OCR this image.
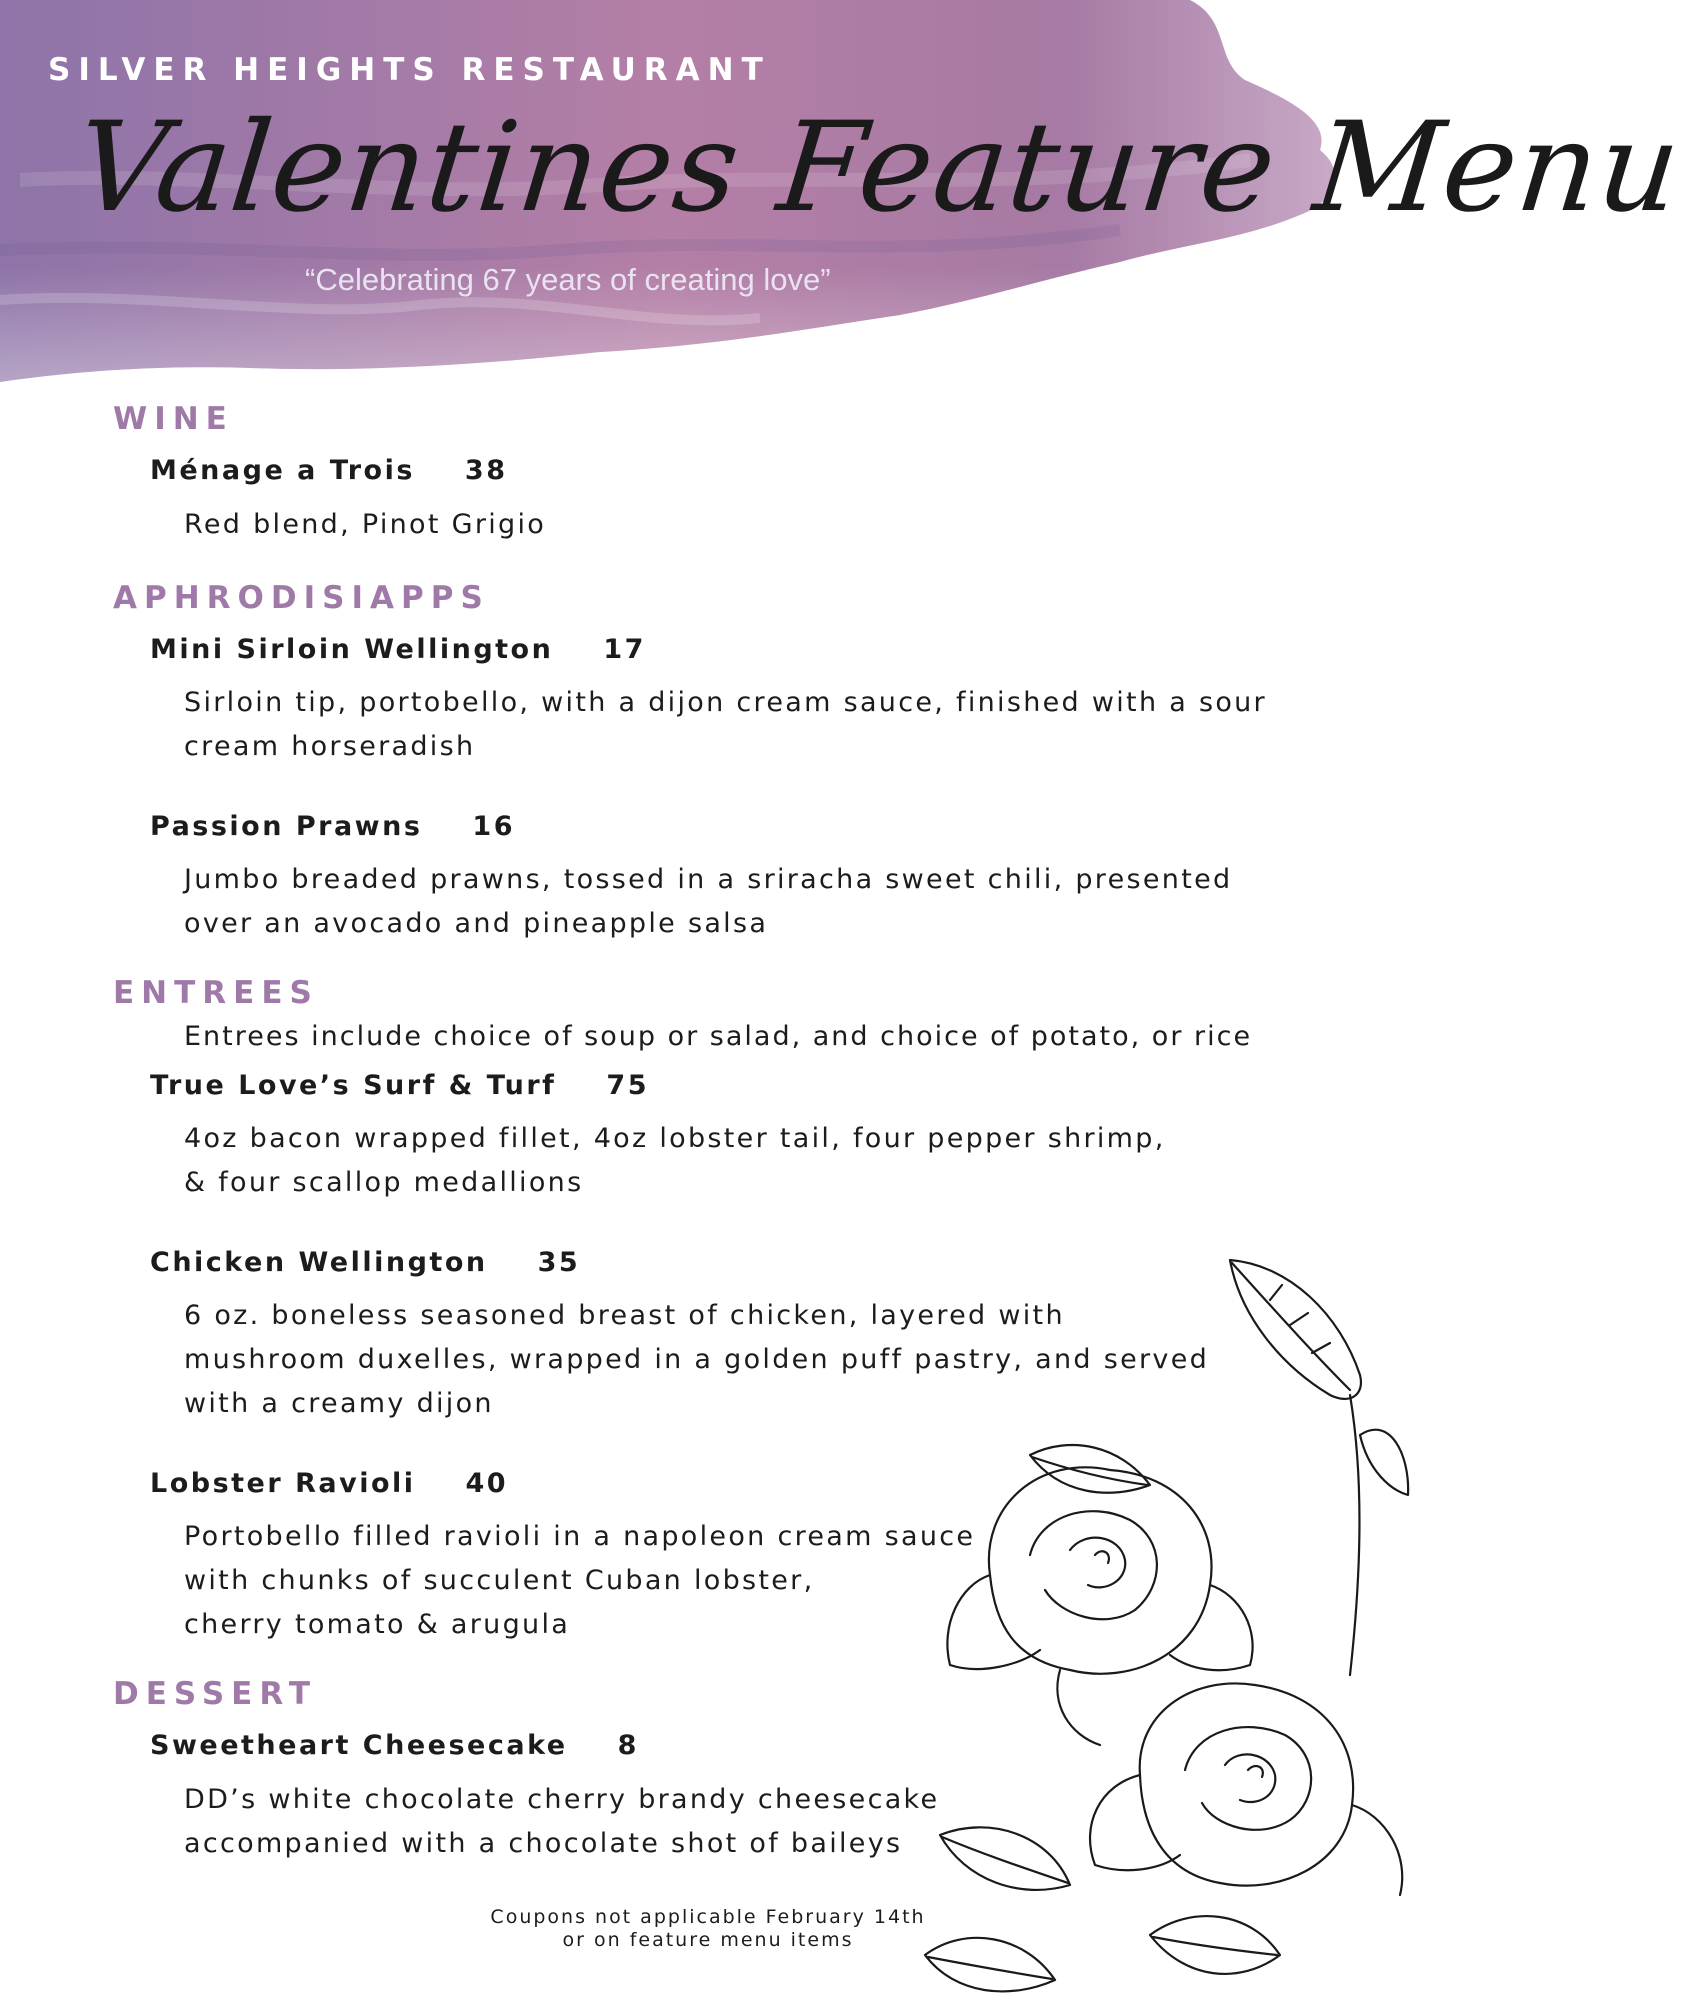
SILVER HEIGHTS RESTAURANT
Valentines Feature Menu

“Celebrating 67 years of creating love”

WINE
Ménage a Trois 38
Red blend, Pinot Grigio
APHRODISIAPPS
Mini Sirloin Wellington 17
Sirloin tip, portobello, with a dijon cream sauce, finished with a sour
cream horseradish
Passion Prawns 16
Jumbo breaded prawns, tossed in a sriracha sweet chili, presented
over an avocado and pineapple salsa
ENTREES
Entrees include choice of soup or salad, and choice of potato, or rice
True Love’s Surf & Turf 75
4oz bacon wrapped fillet, 4oz lobster tail, four pepper shrimp,
& four scallop medallions
Chicken Wellington 35
6 oz. boneless seasoned breast of chicken, layered with
mushroom duxelles, wrapped in a golden puff pastry, and served
with a creamy dijon
Lobster Ravioli 40
Portobello filled ravioli in a napoleon cream sauce
with chunks of succulent Cuban lobster,
cherry tomato & arugula
DESSERT
Sweetheart Cheesecake 8
DD’s white chocolate cherry brandy cheesecake
accompanied with a chocolate shot of baileys
Coupons not applicable February 14th
or on feature menu items
